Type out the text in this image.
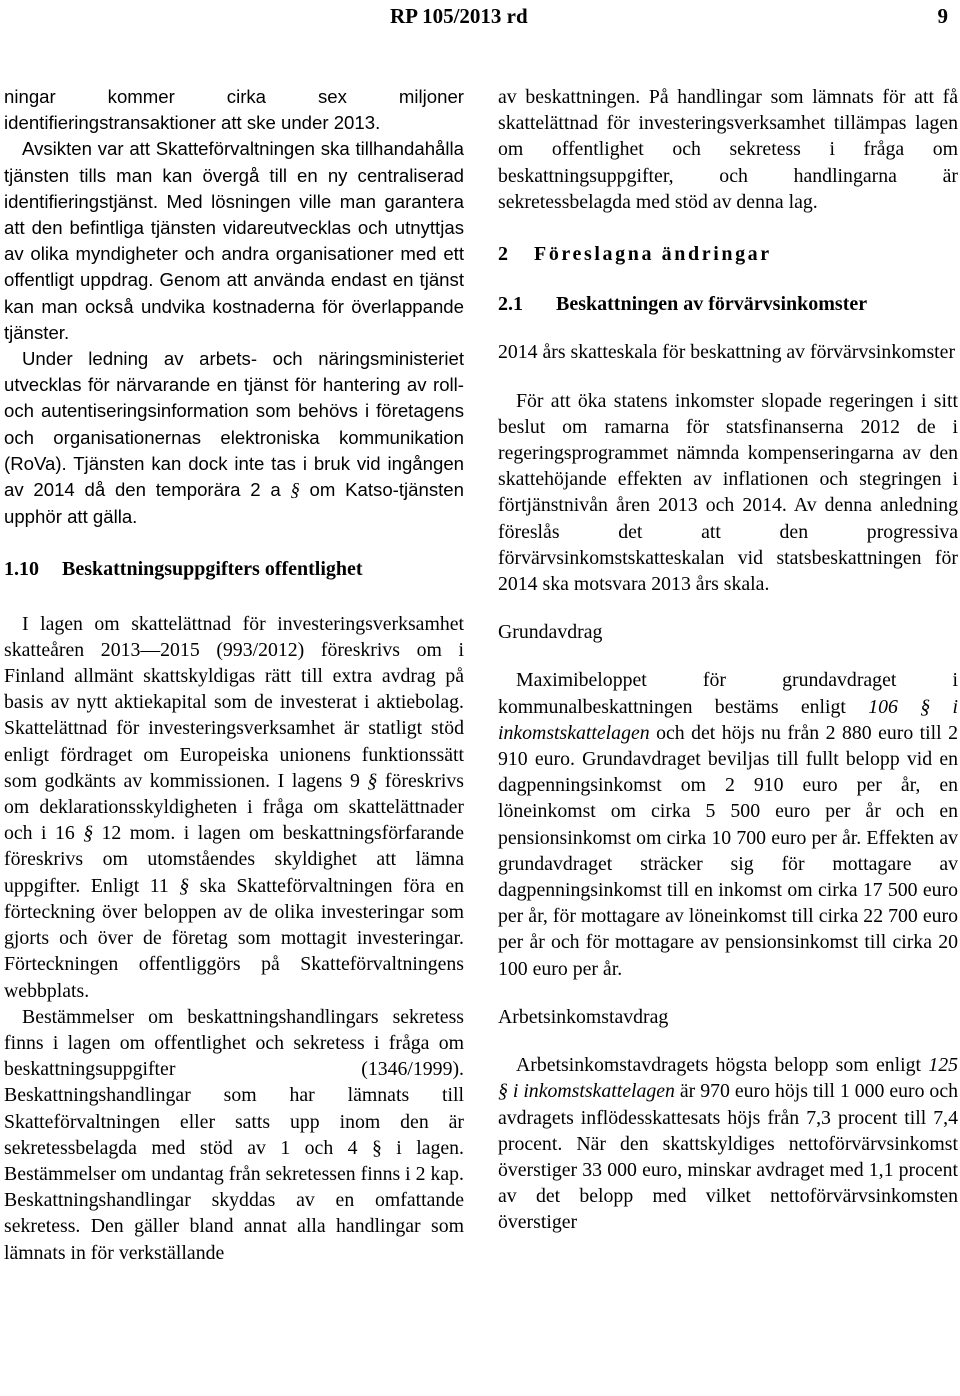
RP 105/2013 rd	9

ningar kommer cirka sex miljoner identifieringstransaktioner att ske under 2013.

Avsikten var att Skatteförvaltningen ska tillhandahålla tjänsten tills man kan övergå till en ny centraliserad identifieringstjänst. Med lösningen ville man garantera att den befintliga tjänsten vidareutvecklas och utnyttjas av olika myndigheter och andra organisationer med ett offentligt uppdrag. Genom att använda endast en tjänst kan man också undvika kostnaderna för överlappande tjänster.

Under ledning av arbets- och näringsministeriet utvecklas för närvarande en tjänst för hantering av roll- och autentiseringsinformation som behövs i företagens och organisationernas elektroniska kommunikation (RoVa). Tjänsten kan dock inte tas i bruk vid ingången av 2014 då den temporära 2 a § om Katso-tjänsten upphör att gälla.

1.10 Beskattningsuppgifters offentlighet

I lagen om skattelättnad för investeringsverksamhet skatteåren 2013—2015 (993/2012) föreskrivs om i Finland allmänt skattskyldigas rätt till extra avdrag på basis av nytt aktiekapital som de investerat i aktiebolag. Skattelättnad för investeringsverksamhet är statligt stöd enligt fördraget om Europeiska unionens funktionssätt som godkänts av kommissionen. I lagens 9 § föreskrivs om deklarationsskyldigheten i fråga om skattelättnader och i 16 § 12 mom. i lagen om beskattningsförfarande föreskrivs om utomståendes skyldighet att lämna uppgifter. Enligt 11 § ska Skatteförvaltningen föra en förteckning över beloppen av de olika investeringar som gjorts och över de företag som mottagit investeringar. Förteckningen offentliggörs på Skatteförvaltningens webbplats.

Bestämmelser om beskattningshandlingars sekretess finns i lagen om offentlighet och sekretess i fråga om beskattningsuppgifter (1346/1999). Beskattningshandlingar som har lämnats till Skatteförvaltningen eller satts upp inom den är sekretessbelagda med stöd av 1 och 4 § i lagen. Bestämmelser om undantag från sekretessen finns i 2 kap. Beskattningshandlingar skyddas av en omfattande sekretess. Den gäller bland annat alla handlingar som lämnats in för verkställande

av beskattningen. På handlingar som lämnats för att få skattelättnad för investeringsverksamhet tillämpas lagen om offentlighet och sekretess i fråga om beskattningsuppgifter, och handlingarna är sekretessbelagda med stöd av denna lag.

2 Föreslagna ändringar
2.1 Beskattningen av förvärvsinkomster

2014 års skatteskala för beskattning av förvärvsinkomster

För att öka statens inkomster slopade regeringen i sitt beslut om ramarna för statsfinanserna 2012 de i regeringsprogrammet nämnda kompenseringarna av den skattehöjande effekten av inflationen och stegringen i förtjänstnivån åren 2013 och 2014. Av denna anledning föreslås det att den progressiva förvärvsinkomstskatteskalan vid statsbeskattningen för 2014 ska motsvara 2013 års skala.

Grundavdrag

Maximibeloppet för grundavdraget i kommunalbeskattningen bestäms enligt 106 § i inkomstskattelagen och det höjs nu från 2 880 euro till 2 910 euro. Grundavdraget beviljas till fullt belopp vid en dagpenningsinkomst om 2 910 euro per år, en löneinkomst om cirka 5 500 euro per år och en pensionsinkomst om cirka 10 700 euro per år. Effekten av grundavdraget sträcker sig för mottagare av dagpenningsinkomst till en inkomst om cirka 17 500 euro per år, för mottagare av löneinkomst till cirka 22 700 euro per år och för mottagare av pensionsinkomst till cirka 20 100 euro per år.

Arbetsinkomstavdrag

Arbetsinkomstavdragets högsta belopp som enligt 125 § i inkomstskattelagen är 970 euro höjs till 1 000 euro och avdragets inflödesskattesats höjs från 7,3 procent till 7,4 procent. När den skattskyldiges nettoförvärvsinkomst överstiger 33 000 euro, minskar avdraget med 1,1 procent av det belopp med vilket nettoförvärvsinkomsten överstiger
